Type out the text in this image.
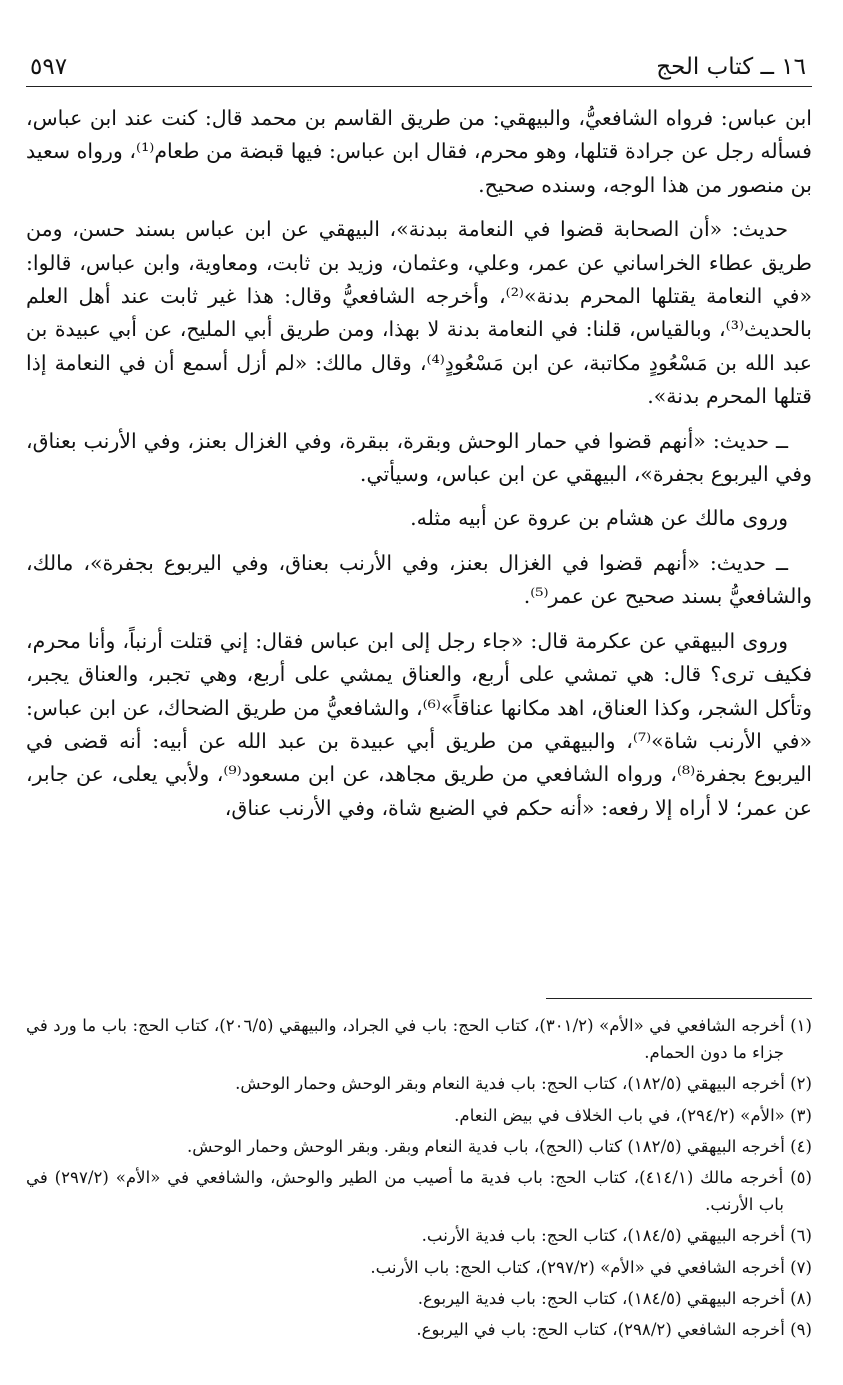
١٦ ــ كتاب الحج
٥٩٧

ابن عباس: فرواه الشافعيُّ، والبيهقي: من طريق القاسم بن محمد قال: كنت عند ابن عباس، فسأله رجل عن جرادة قتلها، وهو محرم، فقال ابن عباس: فيها قبضة من طعام⁽¹⁾، ورواه سعيد بن منصور من هذا الوجه، وسنده صحيح.

حديث: «أن الصحابة قضوا في النعامة ببدنة»، البيهقي عن ابن عباس بسند حسن، ومن طريق عطاء الخراساني عن عمر، وعلي، وعثمان، وزيد بن ثابت، ومعاوية، وابن عباس، قالوا: «في النعامة يقتلها المحرم بدنة»⁽²⁾، وأخرجه الشافعيُّ وقال: هذا غير ثابت عند أهل العلم بالحديث⁽³⁾، وبالقياس، قلنا: في النعامة بدنة لا بهذا، ومن طريق أبي المليح، عن أبي عبيدة بن عبد الله بن مَسْعُودٍ مكاتبة، عن ابن مَسْعُودٍ⁽⁴⁾، وقال مالك: «لم أزل أسمع أن في النعامة إذا قتلها المحرم بدنة».

ــ حديث: «أنهم قضوا في حمار الوحش وبقرة، ببقرة، وفي الغزال بعنز، وفي الأرنب بعناق، وفي اليربوع بجفرة»، البيهقي عن ابن عباس، وسيأتي.

وروى مالك عن هشام بن عروة عن أبيه مثله.

ــ حديث: «أنهم قضوا في الغزال بعنز، وفي الأرنب بعناق، وفي اليربوع بجفرة»، مالك، والشافعيُّ بسند صحيح عن عمر⁽⁵⁾.

وروى البيهقي عن عكرمة قال: «جاء رجل إلى ابن عباس فقال: إني قتلت أرنباً، وأنا محرم، فكيف ترى؟ قال: هي تمشي على أربع، والعناق يمشي على أربع، وهي تجبر، والعناق يجبر، وتأكل الشجر، وكذا العناق، اهد مكانها عناقاً»⁽⁶⁾، والشافعيُّ من طريق الضحاك، عن ابن عباس: «في الأرنب شاة»⁽⁷⁾، والبيهقي من طريق أبي عبيدة بن عبد الله عن أبيه: أنه قضى في اليربوع بجفرة⁽⁸⁾، ورواه الشافعي من طريق مجاهد، عن ابن مسعود⁽⁹⁾، ولأبي يعلى، عن جابر، عن عمر؛ لا أراه إلا رفعه: «أنه حكم في الضبع شاة، وفي الأرنب عناق،

(١) أخرجه الشافعي في «الأم» (٣٠١/٢)، كتاب الحج: باب في الجراد، والبيهقي (٢٠٦/٥)، كتاب الحج: باب ما ورد في جزاء ما دون الحمام.

(٢) أخرجه البيهقي (١٨٢/٥)، كتاب الحج: باب فدية النعام وبقر الوحش وحمار الوحش.

(٣) «الأم» (٢٩٤/٢)، في باب الخلاف في بيض النعام.

(٤) أخرجه البيهقي (١٨٢/٥) كتاب (الحج)، باب فدية النعام وبقر. وبقر الوحش وحمار الوحش.

(٥) أخرجه مالك (٤١٤/١)، كتاب الحج: باب فدية ما أصيب من الطير والوحش، والشافعي في «الأم» (٢٩٧/٢) في باب الأرنب.

(٦) أخرجه البيهقي (١٨٤/٥)، كتاب الحج: باب فدية الأرنب.

(٧) أخرجه الشافعي في «الأم» (٢٩٧/٢)، كتاب الحج: باب الأرنب.

(٨) أخرجه البيهقي (١٨٤/٥)، كتاب الحج: باب فدية اليربوع.

(٩) أخرجه الشافعي (٢٩٨/٢)، كتاب الحج: باب في اليربوع.
